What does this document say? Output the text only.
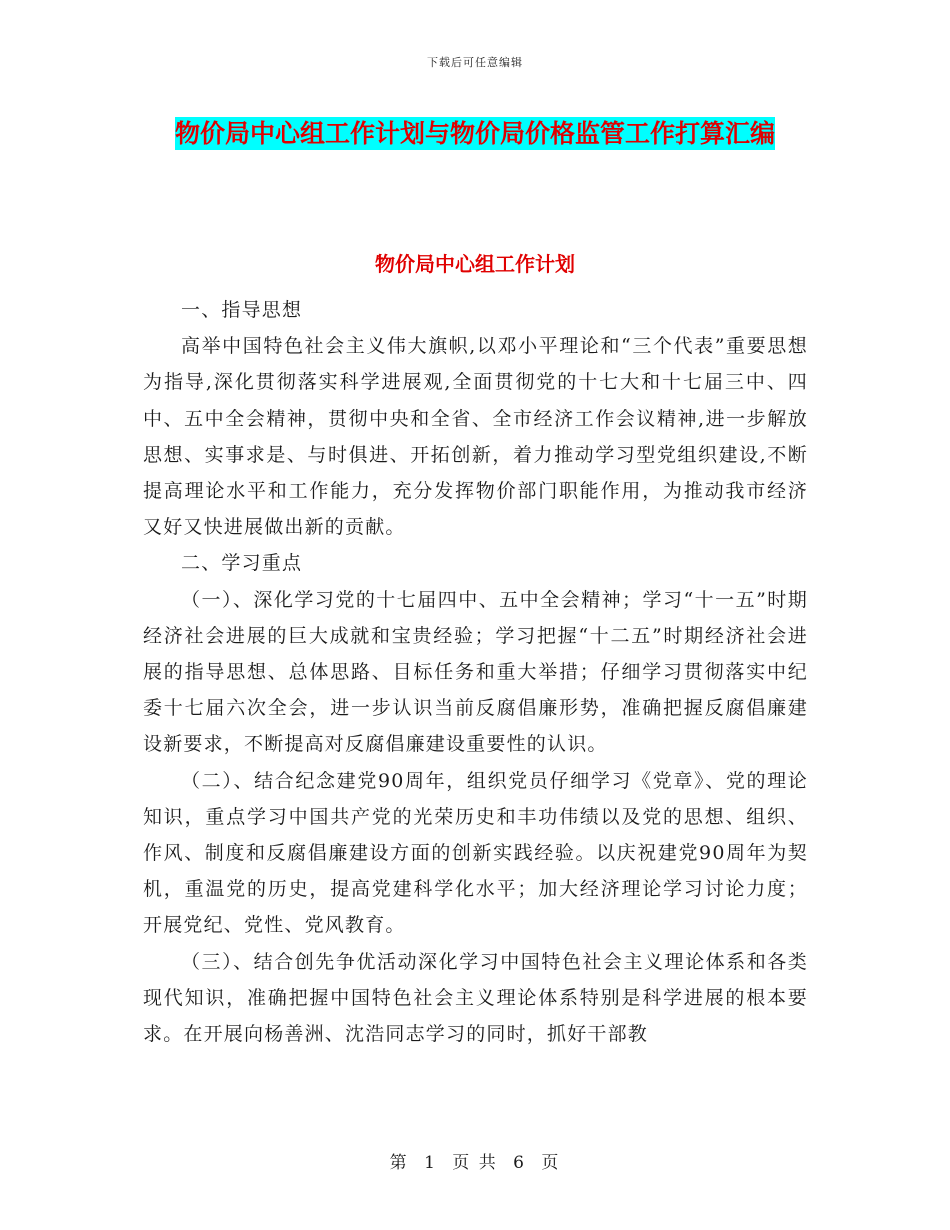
下载后可任意编辑
物价局中心组工作计划与物价局价格监管工作打算汇编
物价局中心组工作计划

一、指导思想

高举中国特色社会主义伟大旗帜,以邓小平理论和“三个代表”重要思想为指导,深化贯彻落实科学进展观,全面贯彻党的十七大和十七届三中、四中、五中全会精神，贯彻中央和全省、全市经济工作会议精神,进一步解放思想、实事求是、与时俱进、开拓创新，着力推动学习型党组织建设,不断提高理论水平和工作能力，充分发挥物价部门职能作用，为推动我市经济又好又快进展做出新的贡献。

二、学习重点

（一）、深化学习党的十七届四中、五中全会精神；学习“十一五”时期经济社会进展的巨大成就和宝贵经验；学习把握“十二五”时期经济社会进展的指导思想、总体思路、目标任务和重大举措；仔细学习贯彻落实中纪委十七届六次全会，进一步认识当前反腐倡廉形势，准确把握反腐倡廉建设新要求，不断提高对反腐倡廉建设重要性的认识。

（二）、结合纪念建党90周年，组织党员仔细学习《党章》、党的理论知识，重点学习中国共产党的光荣历史和丰功伟绩以及党的思想、组织、作风、制度和反腐倡廉建设方面的创新实践经验。以庆祝建党90周年为契机，重温党的历史，提高党建科学化水平；加大经济理论学习讨论力度；开展党纪、党性、党风教育。

（三）、结合创先争优活动深化学习中国特色社会主义理论体系和各类现代知识，准确把握中国特色社会主义理论体系特别是科学进展的根本要求。在开展向杨善洲、沈浩同志学习的同时，抓好干部教

第 1 页 共 6 页
